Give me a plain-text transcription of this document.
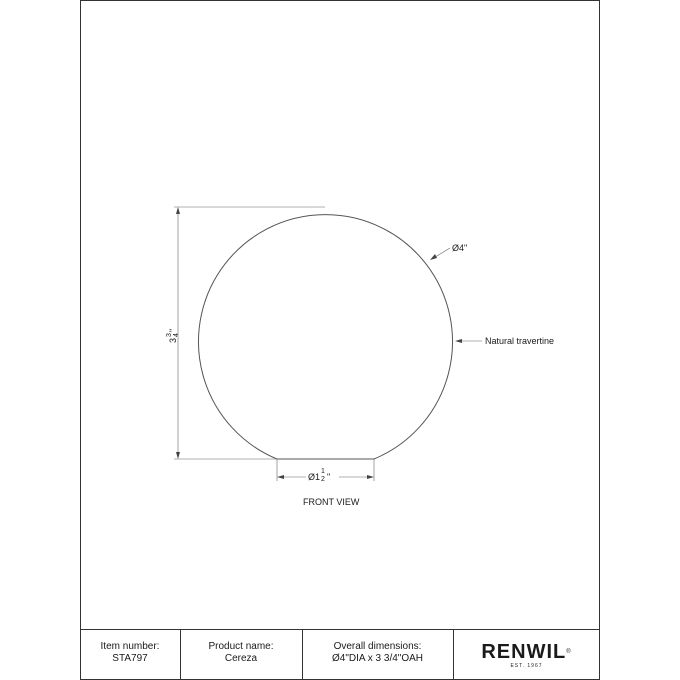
3
3 4
"
Ø4"
Natural travertine
Ø1
1
2 "
FRONT VIEW
Item number:
STA797
Product name:
Cereza
Overall dimensions:
Ø4"DIA x 3 3/4"OAH	RENWIL®
EST. 1967
